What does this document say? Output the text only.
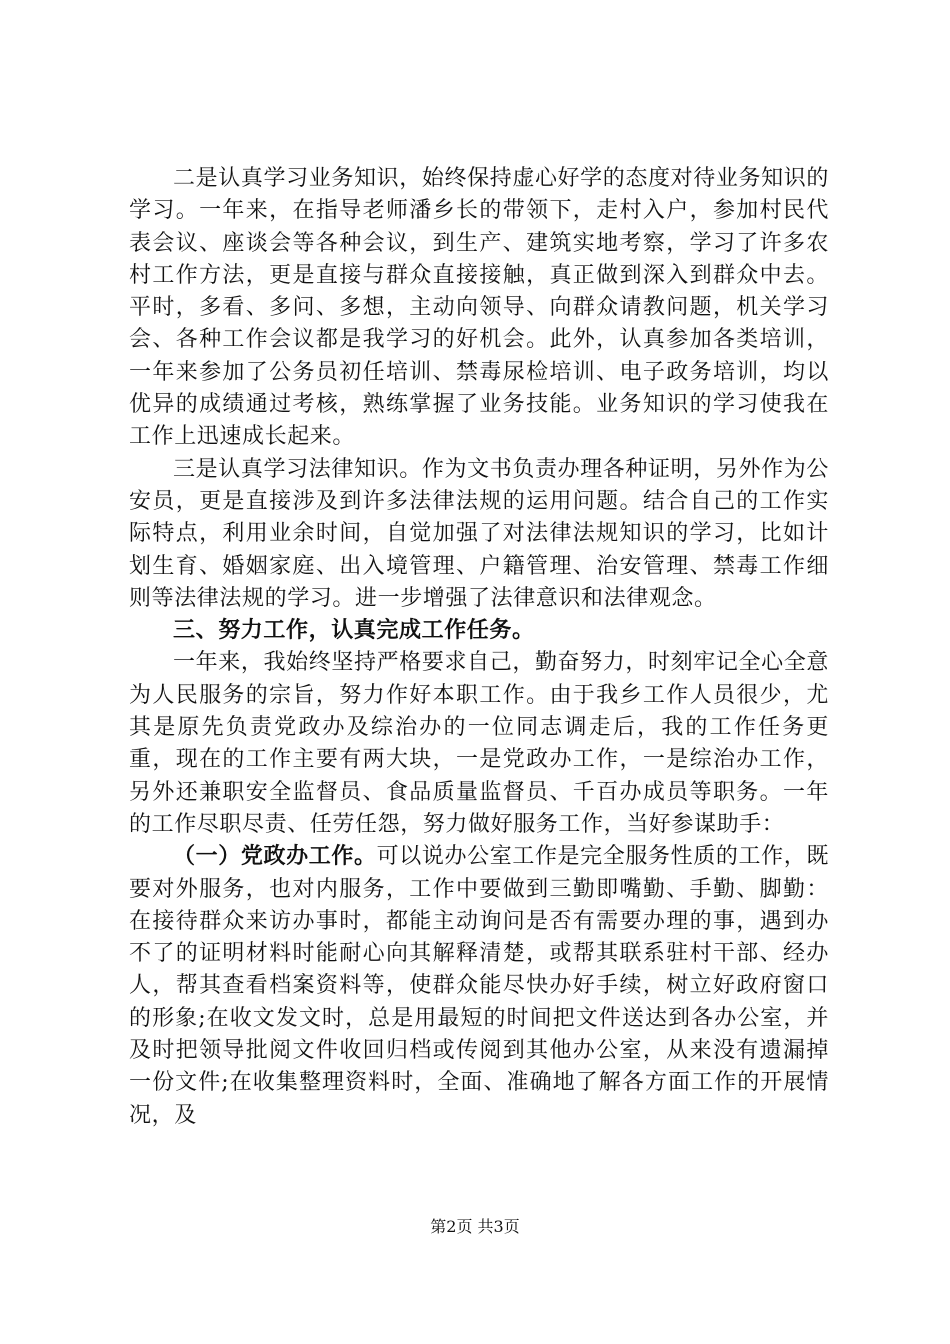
二是认真学习业务知识，始终保持虚心好学的态度对待业务知识的学习。一年来，在指导老师潘乡长的带领下，走村入户，参加村民代表会议、座谈会等各种会议，到生产、建筑实地考察，学习了许多农村工作方法，更是直接与群众直接接触，真正做到深入到群众中去。平时，多看、多问、多想，主动向领导、向群众请教问题，机关学习会、各种工作会议都是我学习的好机会。此外，认真参加各类培训，一年来参加了公务员初任培训、禁毒尿检培训、电子政务培训，均以优异的成绩通过考核，熟练掌握了业务技能。业务知识的学习使我在工作上迅速成长起来。

三是认真学习法律知识。作为文书负责办理各种证明，另外作为公安员，更是直接涉及到许多法律法规的运用问题。结合自己的工作实际特点，利用业余时间，自觉加强了对法律法规知识的学习，比如计划生育、婚姻家庭、出入境管理、户籍管理、治安管理、禁毒工作细则等法律法规的学习。进一步增强了法律意识和法律观念。

三、努力工作，认真完成工作任务。

一年来，我始终坚持严格要求自己，勤奋努力，时刻牢记全心全意为人民服务的宗旨，努力作好本职工作。由于我乡工作人员很少，尤其是原先负责党政办及综治办的一位同志调走后，我的工作任务更重，现在的工作主要有两大块，一是党政办工作，一是综治办工作，另外还兼职安全监督员、食品质量监督员、千百办成员等职务。一年的工作尽职尽责、任劳任怨，努力做好服务工作，当好参谋助手：

（一）党政办工作。可以说办公室工作是完全服务性质的工作，既要对外服务，也对内服务，工作中要做到三勤即嘴勤、手勤、脚勤：在接待群众来访办事时，都能主动询问是否有需要办理的事，遇到办不了的证明材料时能耐心向其解释清楚，或帮其联系驻村干部、经办人，帮其查看档案资料等，使群众能尽快办好手续，树立好政府窗口的形象;在收文发文时，总是用最短的时间把文件送达到各办公室，并及时把领导批阅文件收回归档或传阅到其他办公室，从来没有遗漏掉一份文件;在收集整理资料时，全面、准确地了解各方面工作的开展情况，及

第2页 共3页
